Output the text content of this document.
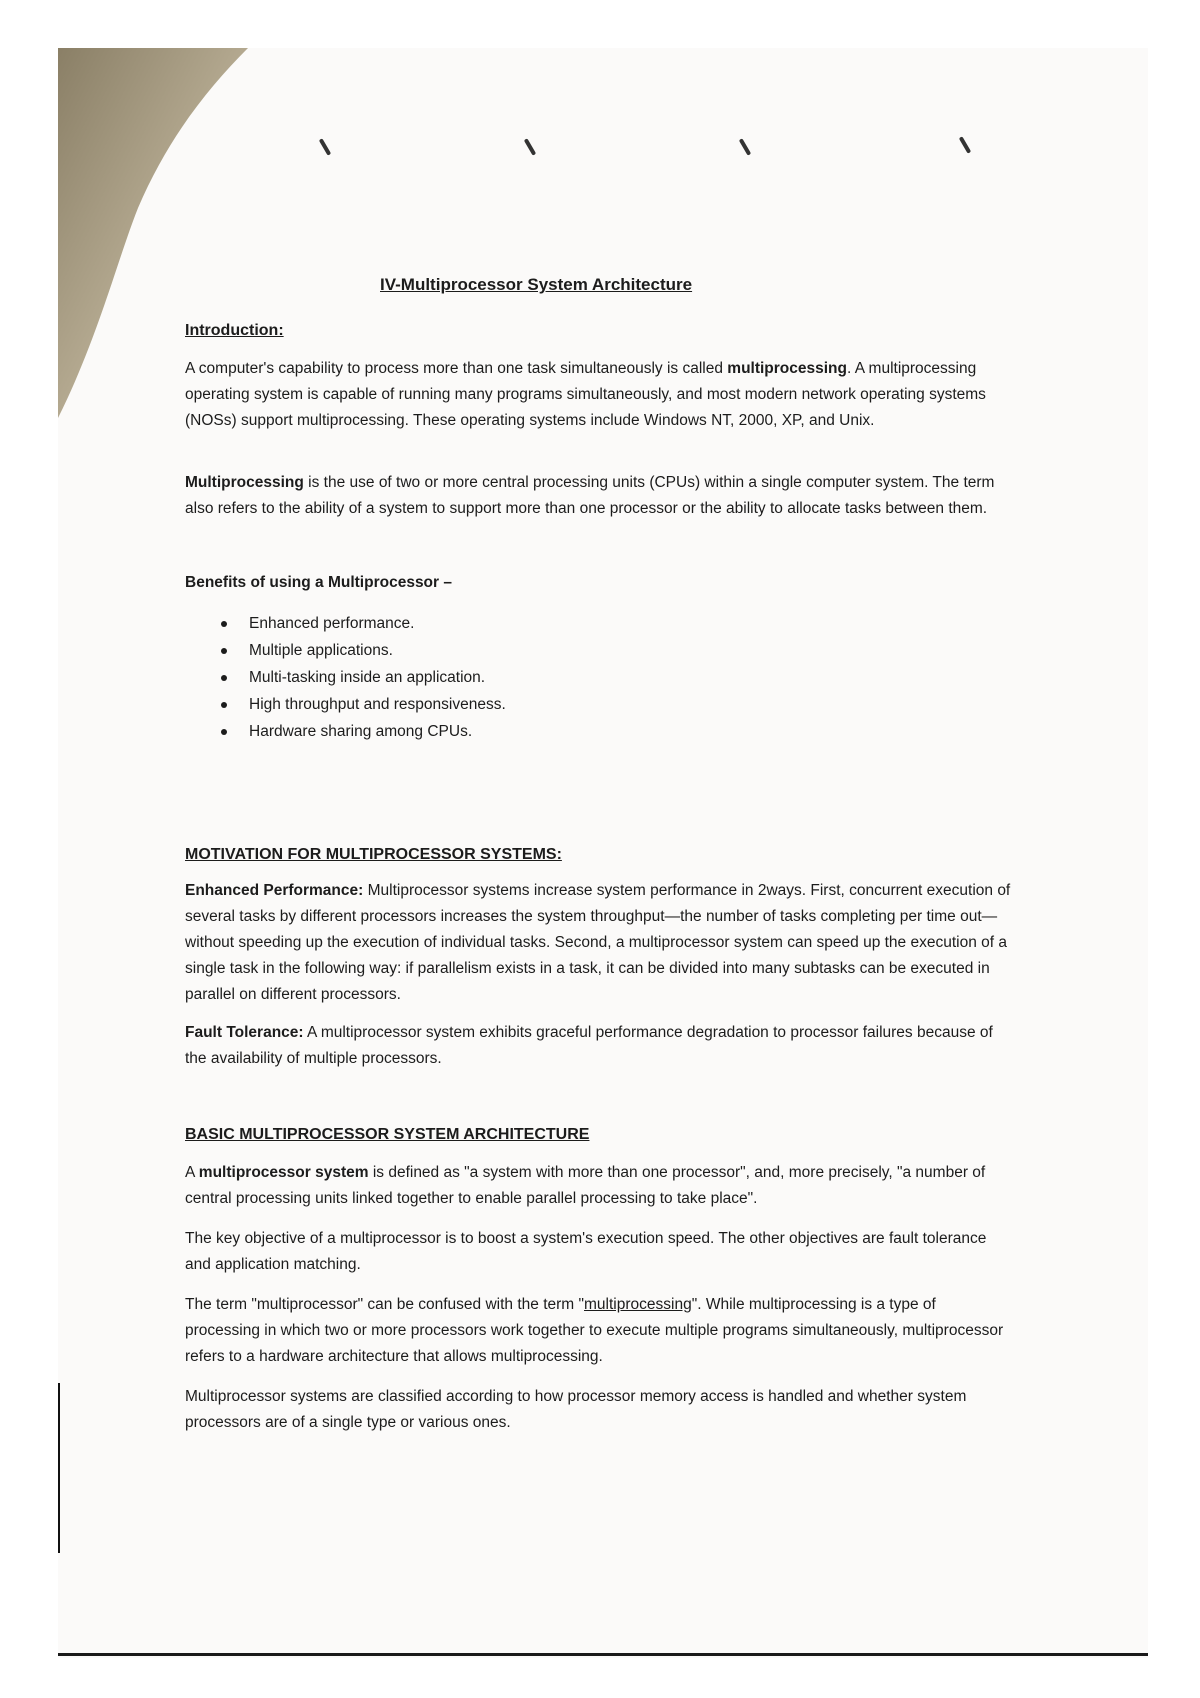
IV-Multiprocessor System Architecture
Introduction:

A computer's capability to process more than one task simultaneously is called multiprocessing. A multiprocessing operating system is capable of running many programs simultaneously, and most modern network operating systems (NOSs) support multiprocessing. These operating systems include Windows NT, 2000, XP, and Unix.

Multiprocessing is the use of two or more central processing units (CPUs) within a single computer system. The term also refers to the ability of a system to support more than one processor or the ability to allocate tasks between them.

Benefits of using a Multiprocessor –

Enhanced performance.
Multiple applications.
Multi-tasking inside an application.
High throughput and responsiveness.
Hardware sharing among CPUs.
MOTIVATION FOR MULTIPROCESSOR SYSTEMS:

Enhanced Performance: Multiprocessor systems increase system performance in 2ways. First, concurrent execution of several tasks by different processors increases the system throughput—the number of tasks completing per time out—without speeding up the execution of individual tasks. Second, a multiprocessor system can speed up the execution of a single task in the following way: if parallelism exists in a task, it can be divided into many subtasks can be executed in parallel on different processors.

Fault Tolerance: A multiprocessor system exhibits graceful performance degradation to processor failures because of the availability of multiple processors.

BASIC MULTIPROCESSOR SYSTEM ARCHITECTURE

A multiprocessor system is defined as "a system with more than one processor", and, more precisely, "a number of central processing units linked together to enable parallel processing to take place".

The key objective of a multiprocessor is to boost a system's execution speed. The other objectives are fault tolerance and application matching.

The term "multiprocessor" can be confused with the term "multiprocessing". While multiprocessing is a type of processing in which two or more processors work together to execute multiple programs simultaneously, multiprocessor refers to a hardware architecture that allows multiprocessing.

Multiprocessor systems are classified according to how processor memory access is handled and whether system processors are of a single type or various ones.
